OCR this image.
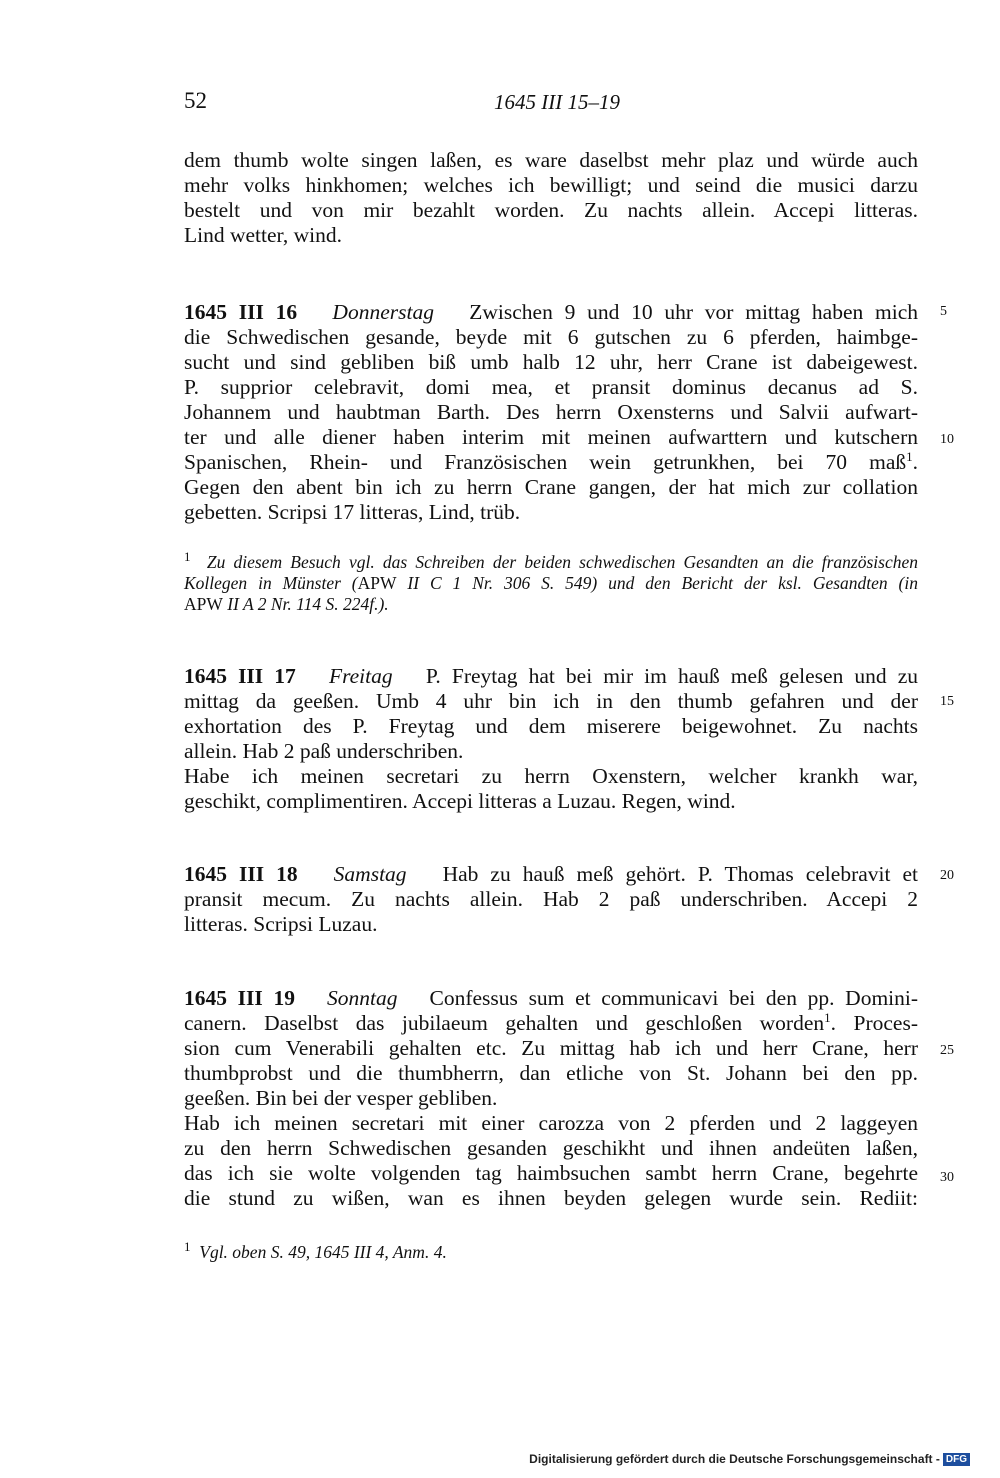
52	1645 III 15–19
dem thumb wolte singen laßen, es ware daselbst mehr plaz und würde auch
mehr volks hinkhomen; welches ich bewilligt; und seind die musici darzu
bestelt und von mir bezahlt worden. Zu nachts allein. Accepi litteras.
Lind wetter, wind.
1645 III 16 Donnerstag Zwischen 9 und 10 uhr vor mittag haben mich
die Schwedischen gesande, beyde mit 6 gutschen zu 6 pferden, haimbge-
sucht und sind gebliben biß umb halb 12 uhr, herr Crane ist dabeigewest.
P. supprior celebravit, domi mea, et pransit dominus decanus ad S.
Johannem und haubtman Barth. Des herrn Oxensterns und Salvii aufwart-
ter und alle diener haben interim mit meinen aufwarttern und kutschern
Spanischen, Rhein- und Französischen wein getrunkhen, bei 70 maß$^1$.
Gegen den abent bin ich zu herrn Crane gangen, der hat mich zur collation
gebetten. Scripsi 17 litteras, Lind, trüb.
$^1$ Zu diesem Besuch vgl. das Schreiben der beiden schwedischen Gesandten an die französischen
Kollegen in Münster (APW II C 1 Nr. 306 S. 549) und den Bericht der ksl. Gesandten (in
APW II A 2 Nr. 114 S. 224f.).
1645 III 17 Freitag P. Freytag hat bei mir im hauß meß gelesen und zu
mittag da geeßen. Umb 4 uhr bin ich in den thumb gefahren und der
exhortation des P. Freytag und dem miserere beigewohnet. Zu nachts
allein. Hab 2 paß underschriben.
Habe ich meinen secretari zu herrn Oxenstern, welcher krankh war,
geschikt, complimentiren. Accepi litteras a Luzau. Regen, wind.
1645 III 18 Samstag Hab zu hauß meß gehört. P. Thomas celebravit et
pransit mecum. Zu nachts allein. Hab 2 paß underschriben. Accepi 2
litteras. Scripsi Luzau.
1645 III 19 Sonntag Confessus sum et communicavi bei den pp. Domini-
canern. Daselbst das jubilaeum gehalten und geschloßen worden$^1$. Proces-
sion cum Venerabili gehalten etc. Zu mittag hab ich und herr Crane, herr
thumbprobst und die thumbherrn, dan etliche von St. Johann bei den pp.
geeßen. Bin bei der vesper gebliben.
Hab ich meinen secretari mit einer carozza von 2 pferden und 2 laggeyen
zu den herrn Schwedischen gesanden geschikht und ihnen andeüten laßen,
das ich sie wolte volgenden tag haimbsuchen sambt herrn Crane, begehrte
die stund zu wißen, wan es ihnen beyden gelegen wurde sein. Rediit:
$^1$ Vgl. oben S. 49, 1645 III 4, Anm. 4.
5
10
15
20
25
30
Digitalisierung gefördert durch die Deutsche Forschungsgemeinschaft - DFG
